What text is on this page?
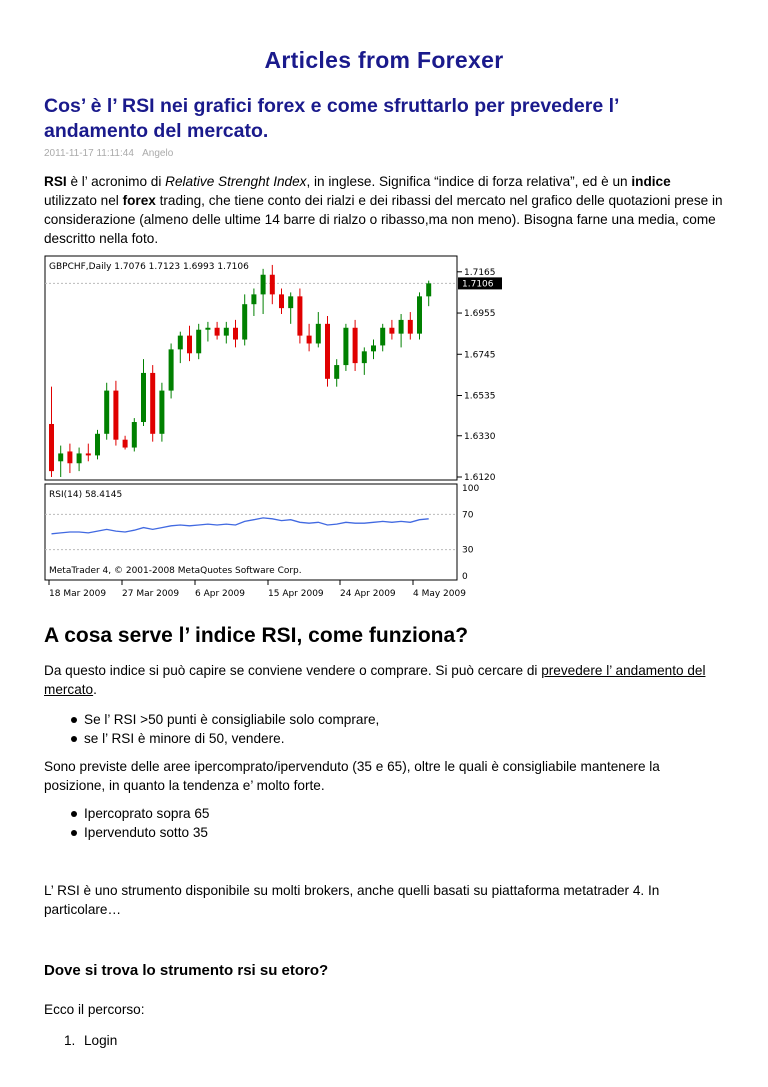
Articles from Forexer
Cos’ è l’ RSI nei grafici forex e come sfruttarlo per prevedere l’ andamento del mercato.
2011-11-17 11:11:44 Angelo

RSI è l’ acronimo di Relative Strenght Index, in inglese. Significa “indice di forza relativa”, ed è un indice utilizzato nel forex trading, che tiene conto dei rialzi e dei ribassi del mercato nel grafico delle quotazioni prese in considerazione (almeno delle ultime 14 barre di rialzo o ribasso,ma non meno). Bisogna farne una media, come descritto nella foto.

1.7165
1.6955
1.6745
1.6535
1.6330
1.6120
1.7106
GBPCHF,Daily 1.7076 1.7123 1.6993 1.7106
100
70
30
0
RSI(14) 58.4145
MetaTrader 4, © 2001-2008 MetaQuotes Software Corp.
18 Mar 2009 27 Mar 2009 6 Apr 2009	15 Apr 2009 24 Apr 2009 4 May 2009
A cosa serve l’ indice RSI, come funziona?

Da questo indice si può capire se conviene vendere o comprare. Si può cercare di prevedere l’ andamento del mercato.

Se l’ RSI >50 punti è consigliabile solo comprare,
se l’ RSI è minore di 50, vendere.

Sono previste delle aree ipercomprato/ipervenduto (35 e 65), oltre le quali è consigliabile mantenere la posizione, in quanto la tendenza e’ molto forte.

Ipercoprato sopra 65
Ipervenduto sotto 35

L’ RSI è uno strumento disponibile su molti brokers, anche quelli basati su piattaforma metatrader 4. In particolare…

Dove si trova lo strumento rsi su etoro?

Ecco il percorso:

1. Login
